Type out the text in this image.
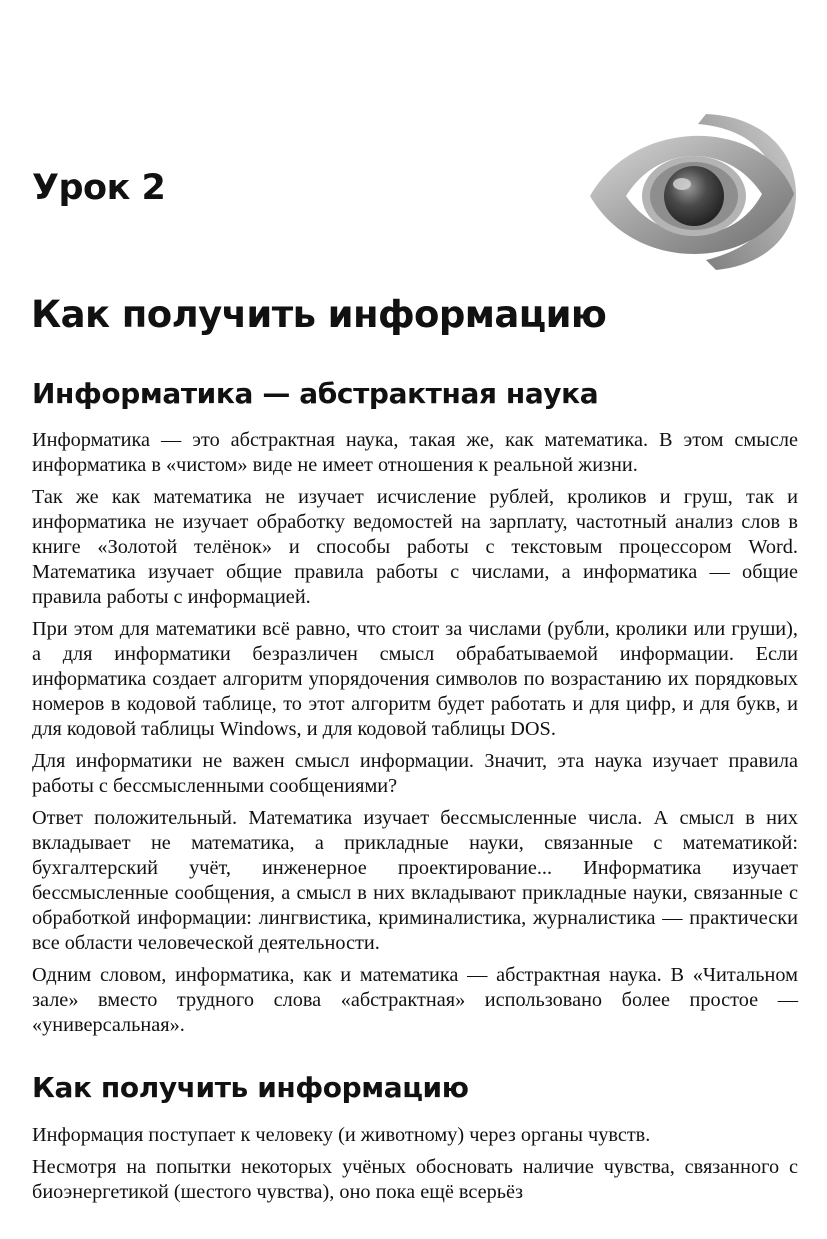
Урок 2
Как получить информацию
Информатика — абстрактная наука

Информатика — это абстрактная наука, такая же, как математика. В этом смысле информатика в «чистом» виде не имеет отношения к реальной жизни.

Так же как математика не изучает исчисление рублей, кроликов и груш, так и информатика не изучает обработку ведомостей на зарплату, частотный анализ слов в книге «Золотой телёнок» и способы работы с текстовым процессором Word. Математика изучает общие правила работы с числами, а информатика — общие правила работы с информацией.

При этом для математики всё равно, что стоит за числами (рубли, кролики или груши), а для информатики безразличен смысл обрабатываемой информации. Если информатика создает алгоритм упорядочения символов по возрастанию их порядковых номеров в кодовой таблице, то этот алгоритм будет работать и для цифр, и для букв, и для кодовой таблицы Windows, и для кодовой таблицы DOS.

Для информатики не важен смысл информации. Значит, эта наука изучает правила работы с бессмысленными сообщениями?

Ответ положительный. Математика изучает бессмысленные числа. А смысл в них вкладывает не математика, а прикладные науки, связанные с математикой: бухгалтерский учёт, инженерное проектирование... Информатика изучает бессмысленные сообщения, а смысл в них вкладывают прикладные науки, связанные с обработкой информации: лингвистика, криминалистика, журналистика — практически все области человеческой деятельности.

Одним словом, информатика, как и математика — абстрактная наука. В «Читальном зале» вместо трудного слова «абстрактная» использовано более простое — «универсальная».

Как получить информацию

Информация поступает к человеку (и животному) через органы чувств.

Несмотря на попытки некоторых учёных обосновать наличие чувства, связанного с биоэнергетикой (шестого чувства), оно пока ещё всерьёз
